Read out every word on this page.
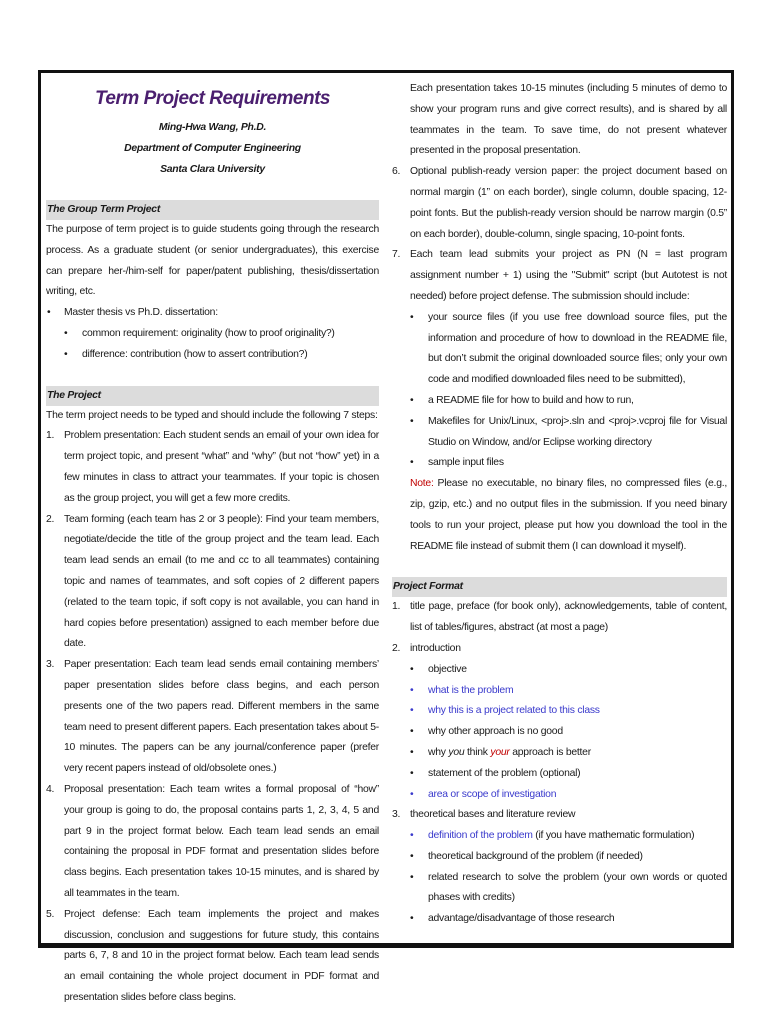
Term Project Requirements
Ming-Hwa Wang, Ph.D.
Department of Computer Engineering
Santa Clara University
The Group Term Project
The purpose of term project is to guide students going through the research process. As a graduate student (or senior undergraduates), this exercise can prepare her-/him-self for paper/patent publishing, thesis/dissertation writing, etc.
• Master thesis vs Ph.D. dissertation:
• common requirement: originality (how to proof originality?)
• difference: contribution (how to assert contribution?)
The Project
The term project needs to be typed and should include the following 7 steps:
1. Problem presentation: Each student sends an email of your own idea for term project topic, and present “what” and “why” (but not “how” yet) in a few minutes in class to attract your teammates. If your topic is chosen as the group project, you will get a few more credits.
2. Team forming (each team has 2 or 3 people): Find your team members, negotiate/decide the title of the group project and the team lead. Each team lead sends an email (to me and cc to all teammates) containing topic and names of teammates, and soft copies of 2 different papers (related to the team topic, if soft copy is not available, you can hand in hard copies before presentation) assigned to each member before due date.
3. Paper presentation: Each team lead sends email containing members’ paper presentation slides before class begins, and each person presents one of the two papers read. Different members in the same team need to present different papers. Each presentation takes about 5-10 minutes. The papers can be any journal/conference paper (prefer very recent papers instead of old/obsolete ones.)
4. Proposal presentation: Each team writes a formal proposal of “how” your group is going to do, the proposal contains parts 1, 2, 3, 4, 5 and part 9 in the project format below. Each team lead sends an email containing the proposal in PDF format and presentation slides before class begins. Each presentation takes 10-15 minutes, and is shared by all teammates in the team.
5. Project defense: Each team implements the project and makes discussion, conclusion and suggestions for future study, this contains parts 6, 7, 8 and 10 in the project format below. Each team lead sends an email containing the whole project document in PDF format and presentation slides before class begins.
Each presentation takes 10-15 minutes (including 5 minutes of demo to show your program runs and give correct results), and is shared by all teammates in the team. To save time, do not present whatever presented in the proposal presentation.
6. Optional publish-ready version paper: the project document based on normal margin (1” on each border), single column, double spacing, 12-point fonts. But the publish-ready version should be narrow margin (0.5” on each border), double-column, single spacing, 10-point fonts.
7. Each team lead submits your project as PN (N = last program assignment number + 1) using the "Submit" script (but Autotest is not needed) before project defense. The submission should include:
• your source files (if you use free download source files, put the information and procedure of how to download in the README file, but don’t submit the original downloaded source files; only your own code and modified downloaded files need to be submitted),
• a README file for how to build and how to run,
• Makefiles for Unix/Linux, <proj>.sln and <proj>.vcproj file for Visual Studio on Window, and/or Eclipse working directory
• sample input files
Note: Please no executable, no binary files, no compressed files (e.g., zip, gzip, etc.) and no output files in the submission. If you need binary tools to run your project, please put how you download the tool in the README file instead of submit them (I can download it myself).
Project Format
1. title page, preface (for book only), acknowledgements, table of content, list of tables/figures, abstract (at most a page)
2. introduction
• objective
• what is the problem
• why this is a project related to this class
• why other approach is no good
• why you think your approach is better
• statement of the problem (optional)
• area or scope of investigation
3. theoretical bases and literature review
• definition of the problem (if you have mathematic formulation)
• theoretical background of the problem (if needed)
• related research to solve the problem (your own words or quoted phases with credits)
• advantage/disadvantage of those research
